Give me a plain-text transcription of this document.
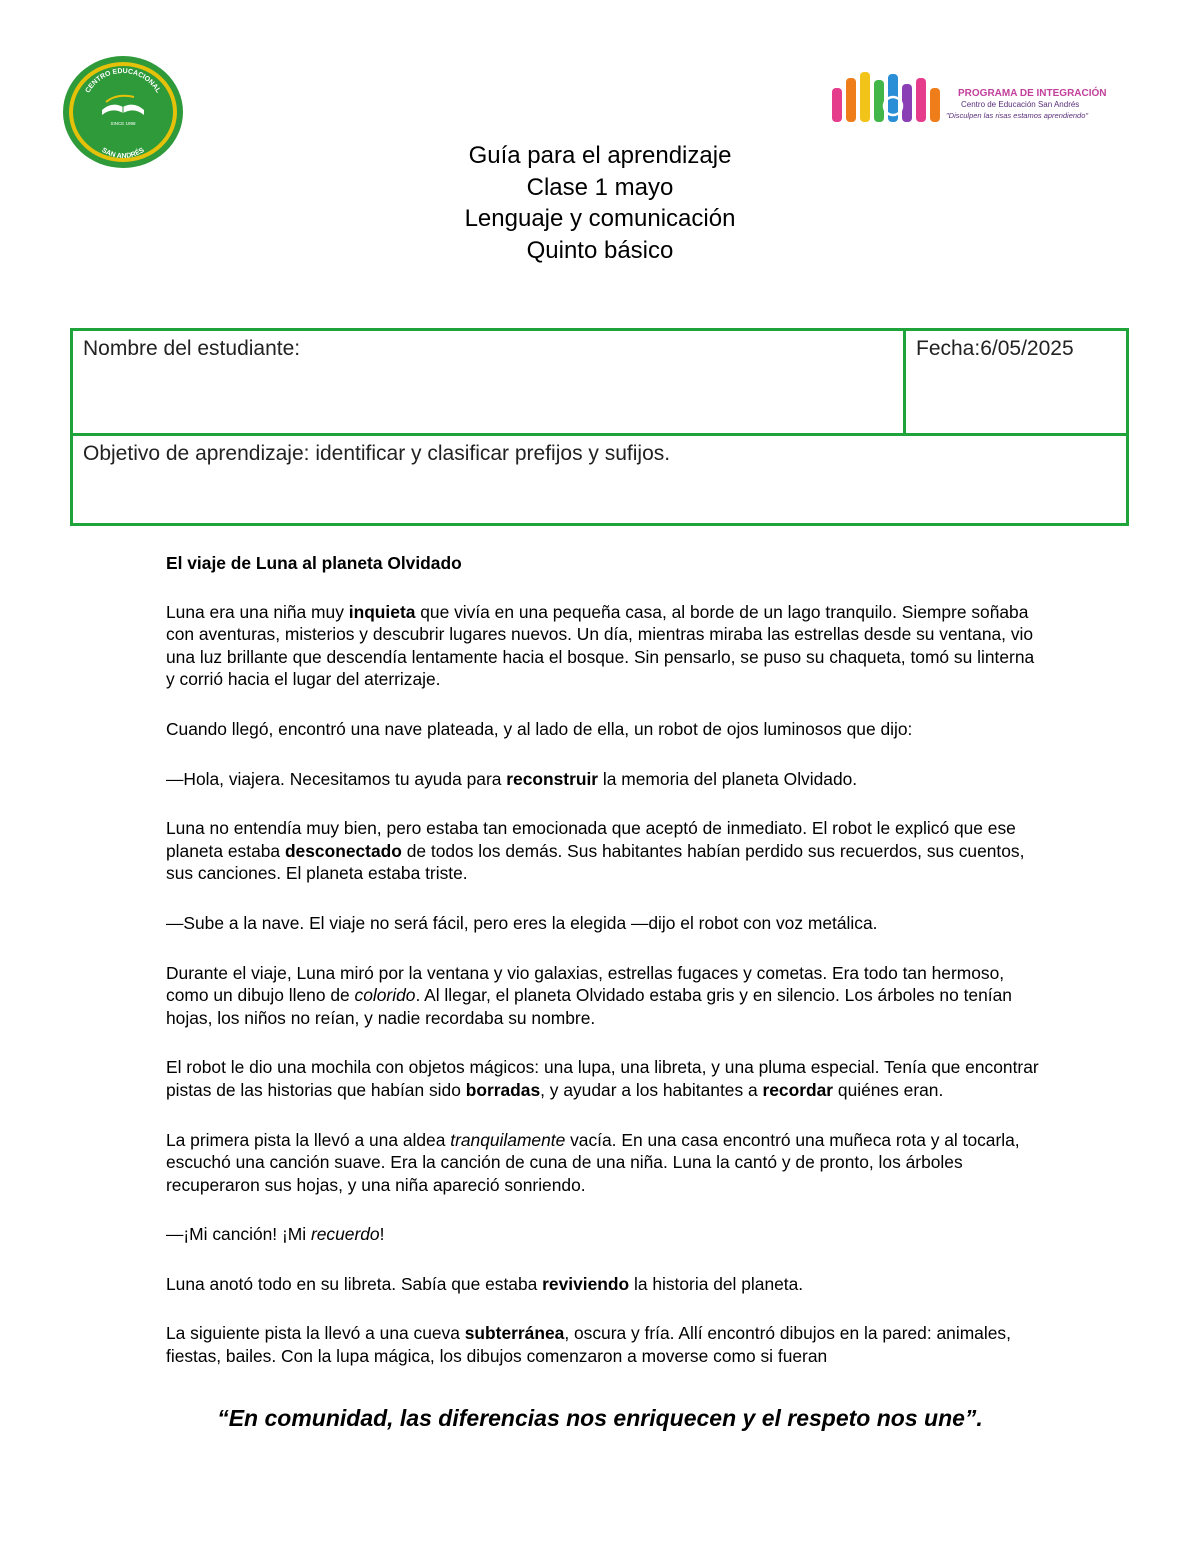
CENTRO EDUCACIONAL
SINCE 1998
SAN ANDRÉS
PROGRAMA DE INTEGRACIÓN
Centro de Educación San Andrés
"Disculpen las risas estamos aprendiendo"
Guía para el aprendizaje
Clase 1 mayo
Lenguaje y comunicación
Quinto básico
Nombre del estudiante:	Fecha:6/05/2025
Objetivo de aprendizaje: identificar y clasificar prefijos y sufijos.

El viaje de Luna al planeta Olvidado

Luna era una niña muy inquieta que vivía en una pequeña casa, al borde de un lago tranquilo. Siempre soñaba con aventuras, misterios y descubrir lugares nuevos. Un día, mientras miraba las estrellas desde su ventana, vio una luz brillante que descendía lentamente hacia el bosque. Sin pensarlo, se puso su chaqueta, tomó su linterna y corrió hacia el lugar del aterrizaje.

Cuando llegó, encontró una nave plateada, y al lado de ella, un robot de ojos luminosos que dijo:

—Hola, viajera. Necesitamos tu ayuda para reconstruir la memoria del planeta Olvidado.

Luna no entendía muy bien, pero estaba tan emocionada que aceptó de inmediato. El robot le explicó que ese planeta estaba desconectado de todos los demás. Sus habitantes habían perdido sus recuerdos, sus cuentos, sus canciones. El planeta estaba triste.

—Sube a la nave. El viaje no será fácil, pero eres la elegida —dijo el robot con voz metálica.

Durante el viaje, Luna miró por la ventana y vio galaxias, estrellas fugaces y cometas. Era todo tan hermoso, como un dibujo lleno de colorido. Al llegar, el planeta Olvidado estaba gris y en silencio. Los árboles no tenían hojas, los niños no reían, y nadie recordaba su nombre.

El robot le dio una mochila con objetos mágicos: una lupa, una libreta, y una pluma especial. Tenía que encontrar pistas de las historias que habían sido borradas, y ayudar a los habitantes a recordar quiénes eran.

La primera pista la llevó a una aldea tranquilamente vacía. En una casa encontró una muñeca rota y al tocarla, escuchó una canción suave. Era la canción de cuna de una niña. Luna la cantó y de pronto, los árboles recuperaron sus hojas, y una niña apareció sonriendo.

—¡Mi canción! ¡Mi recuerdo!

Luna anotó todo en su libreta. Sabía que estaba reviviendo la historia del planeta.

La siguiente pista la llevó a una cueva subterránea, oscura y fría. Allí encontró dibujos en la pared: animales, fiestas, bailes. Con la lupa mágica, los dibujos comenzaron a moverse como si fueran

“En comunidad, las diferencias nos enriquecen y el respeto nos une”.
